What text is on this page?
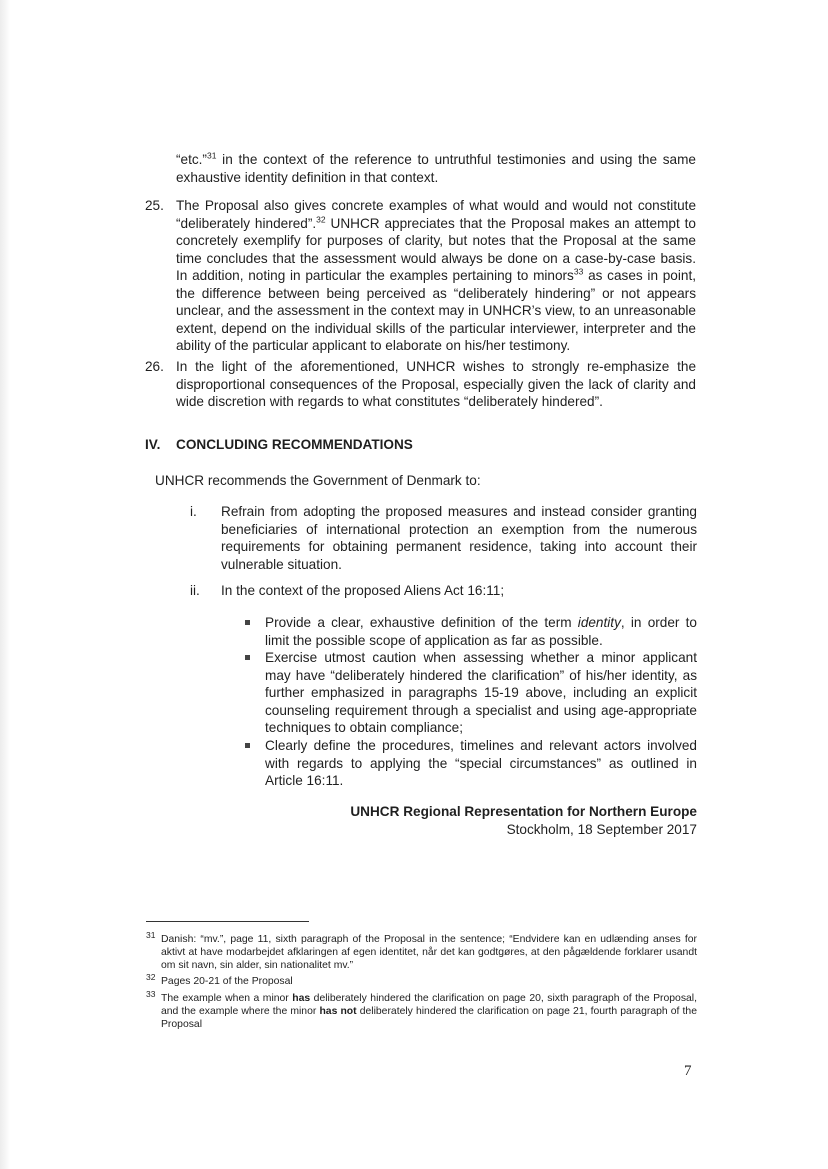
“etc.”$^{31}$ in the context of the reference to untruthful testimonies and using the same exhaustive identity definition in that context.
25. The Proposal also gives concrete examples of what would and would not constitute “deliberately hindered”.$^{32}$ UNHCR appreciates that the Proposal makes an attempt to concretely exemplify for purposes of clarity, but notes that the Proposal at the same time concludes that the assessment would always be done on a case-by-case basis. In addition, noting in particular the examples pertaining to minors$^{33}$ as cases in point, the difference between being perceived as “deliberately hindering” or not appears unclear, and the assessment in the context may in UNHCR’s view, to an unreasonable extent, depend on the individual skills of the particular interviewer, interpreter and the ability of the particular applicant to elaborate on his/her testimony.
26. In the light of the aforementioned, UNHCR wishes to strongly re-emphasize the disproportional consequences of the Proposal, especially given the lack of clarity and wide discretion with regards to what constitutes “deliberately hindered”.
IV. CONCLUDING RECOMMENDATIONS
UNHCR recommends the Government of Denmark to:
i. Refrain from adopting the proposed measures and instead consider granting beneficiaries of international protection an exemption from the numerous requirements for obtaining permanent residence, taking into account their vulnerable situation.
ii. In the context of the proposed Aliens Act 16:11;
Provide a clear, exhaustive definition of the term identity, in order to limit the possible scope of application as far as possible.
Exercise utmost caution when assessing whether a minor applicant may have “deliberately hindered the clarification” of his/her identity, as further emphasized in paragraphs 15-19 above, including an explicit counseling requirement through a specialist and using age-appropriate techniques to obtain compliance;
Clearly define the procedures, timelines and relevant actors involved with regards to applying the “special circumstances” as outlined in Article 16:11.
UNHCR Regional Representation for Northern Europe
Stockholm, 18 September 2017
31 Danish: “mv.”, page 11, sixth paragraph of the Proposal in the sentence; “Endvidere kan en udlænding anses for aktivt at have modarbejdet afklaringen af egen identitet, når det kan godtgøres, at den pågældende forklarer usandt om sit navn, sin alder, sin nationalitet mv.”
32 Pages 20-21 of the Proposal
33 The example when a minor has deliberately hindered the clarification on page 20, sixth paragraph of the Proposal, and the example where the minor has not deliberately hindered the clarification on page 21, fourth paragraph of the Proposal
7
